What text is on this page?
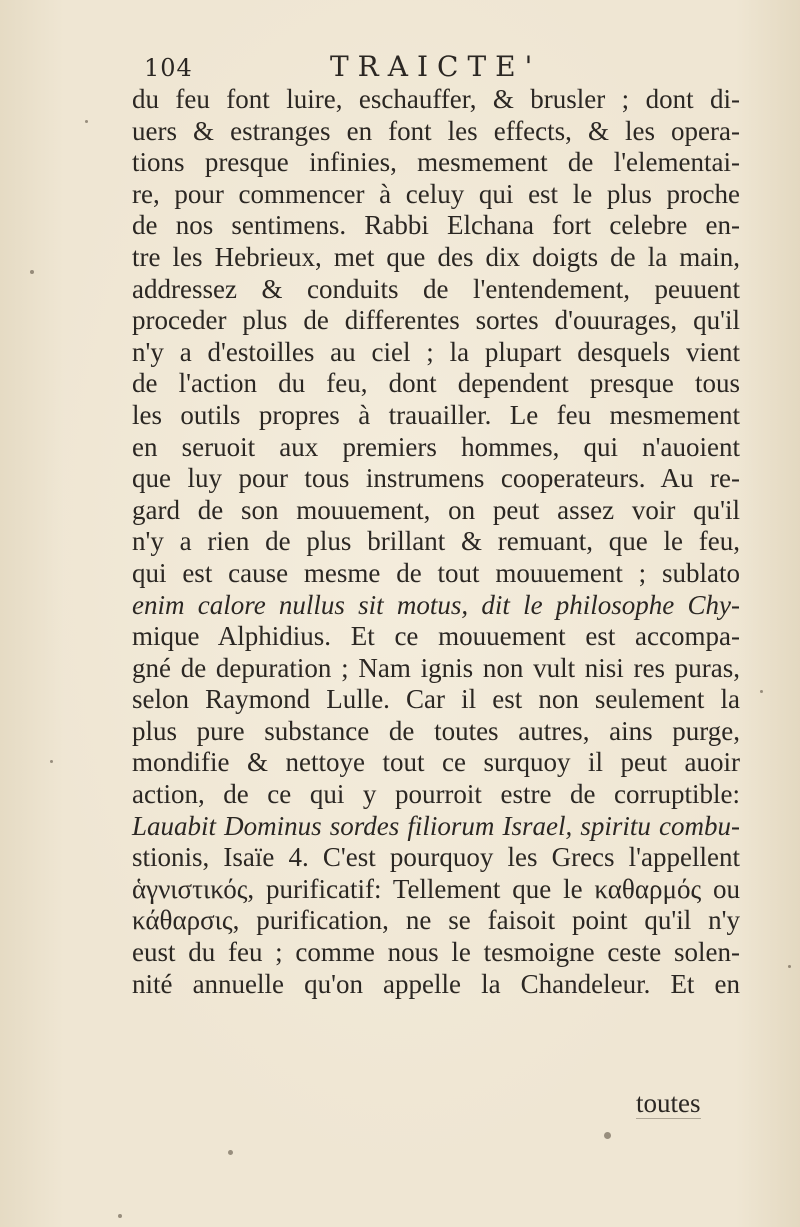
104	TRAICTE'
du feu font luire, eschauffer, & brusler ; dont di-
uers & estranges en font les effects, & les opera-
tions presque infinies, mesmement de l'elementai-
re, pour commencer à celuy qui est le plus proche
de nos sentimens. Rabbi Elchana fort celebre en-
tre les Hebrieux, met que des dix doigts de la main,
addressez & conduits de l'entendement, peuuent
proceder plus de differentes sortes d'ouurages, qu'il
n'y a d'estoilles au ciel ; la plupart desquels vient
de l'action du feu, dont dependent presque tous
les outils propres à trauailler. Le feu mesmement
en seruoit aux premiers hommes, qui n'auoient
que luy pour tous instrumens cooperateurs. Au re-
gard de son mouuement, on peut assez voir qu'il
n'y a rien de plus brillant & remuant, que le feu,
qui est cause mesme de tout mouuement ; sublato
enim calore nullus sit motus, dit le philosophe Chy-
mique Alphidius. Et ce mouuement est accompa-
gné de depuration ; Nam ignis non vult nisi res puras,
selon Raymond Lulle. Car il est non seulement la
plus pure substance de toutes autres, ains purge,
mondifie & nettoye tout ce surquoy il peut auoir
action, de ce qui y pourroit estre de corruptible:
Lauabit Dominus sordes filiorum Israel, spiritu combu-
stionis, Isaïe 4. C'est pourquoy les Grecs l'appellent
ἁγνιστικός, purificatif: Tellement que le καθαρμός ou
κάθαρσις, purification, ne se faisoit point qu'il n'y
eust du feu ; comme nous le tesmoigne ceste solen-
nité annuelle qu'on appelle la Chandeleur. Et en
toutes
